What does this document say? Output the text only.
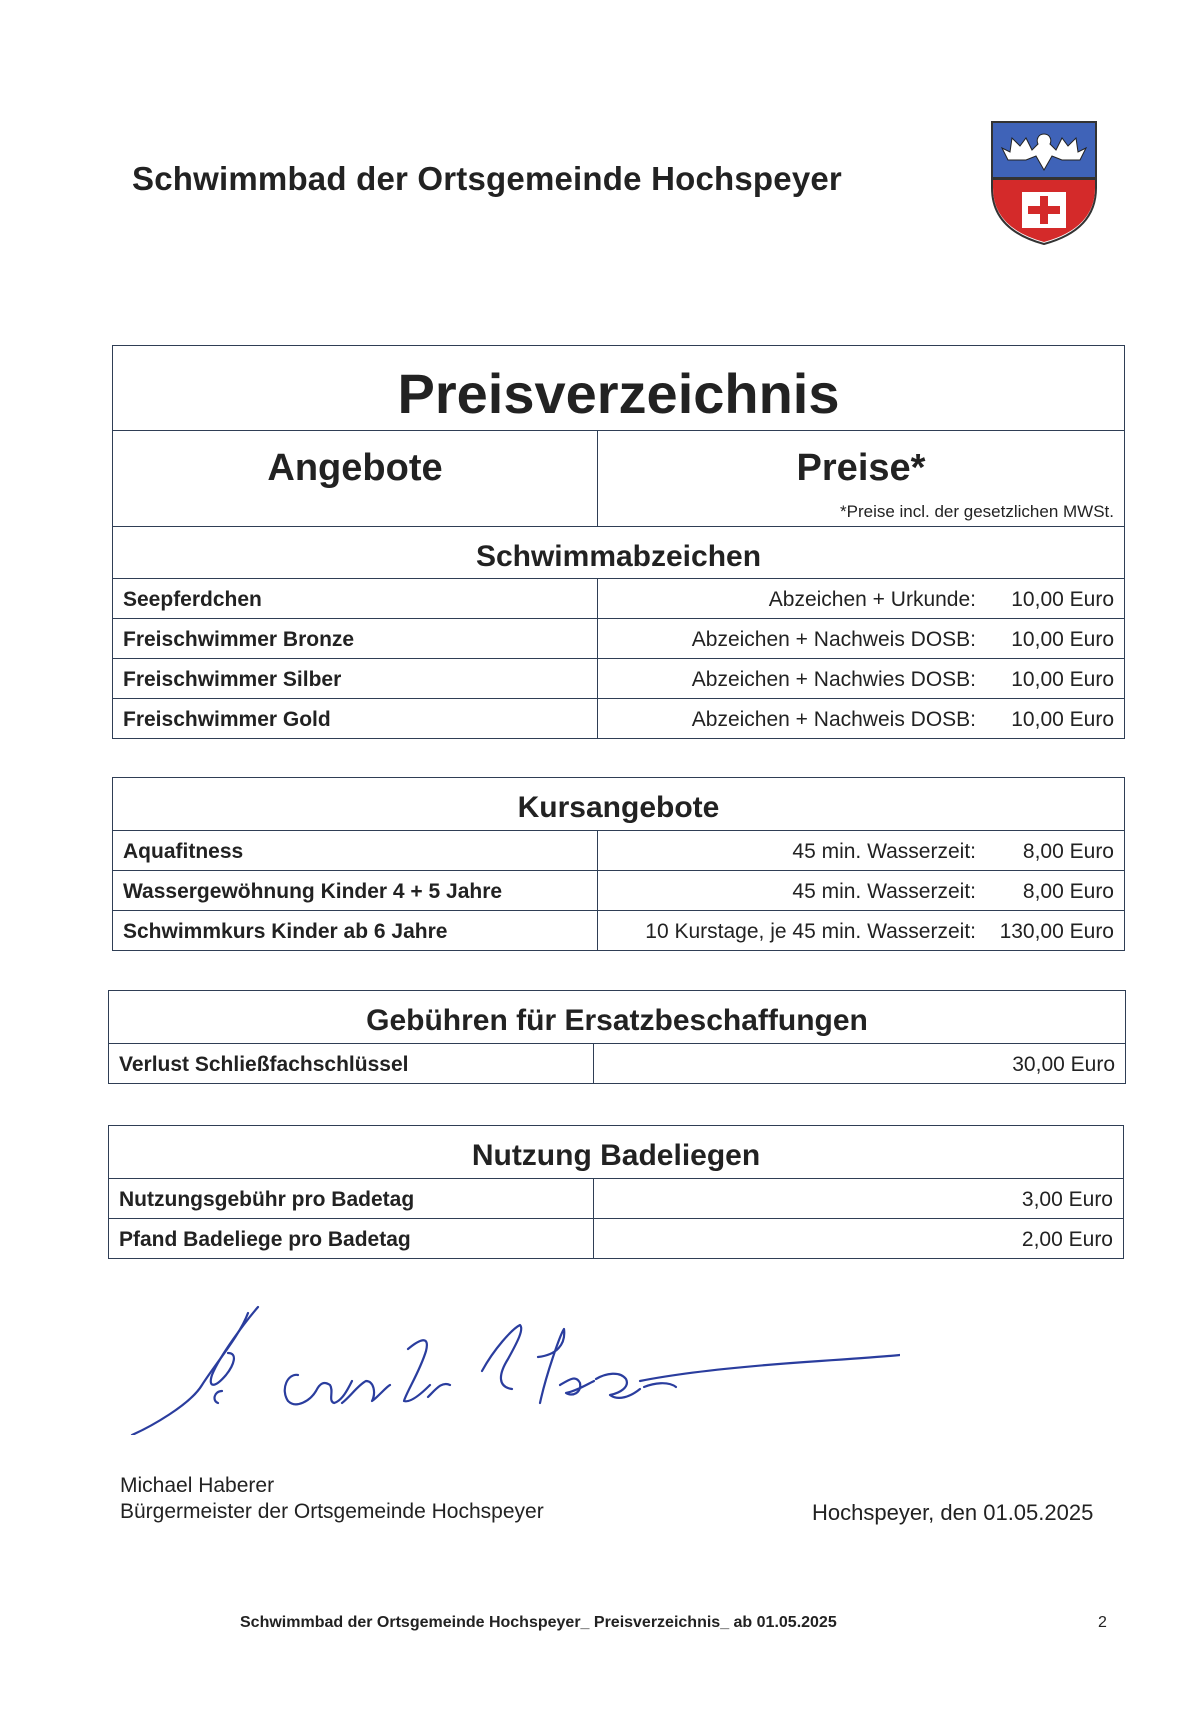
Schwimmbad der Ortsgemeinde Hochspeyer
Preisverzeichnis
Angebote	Preise*
*Preise incl. der gesetzlichen MWSt.
Schwimmabzeichen
Seepferdchen	Abzeichen + Urkunde: 10,00 Euro
Freischwimmer Bronze	Abzeichen + Nachweis DOSB: 10,00 Euro
Freischwimmer Silber	Abzeichen + Nachwies DOSB: 10,00 Euro
Freischwimmer Gold	Abzeichen + Nachweis DOSB: 10,00 Euro
Kursangebote
Aquafitness	45 min. Wasserzeit: 8,00 Euro
Wassergewöhnung Kinder 4 + 5 Jahre	45 min. Wasserzeit: 8,00 Euro
Schwimmkurs Kinder ab 6 Jahre	10 Kurstage, je 45 min. Wasserzeit: 130,00 Euro
Gebühren für Ersatzbeschaffungen
Verlust Schließfachschlüssel	30,00 Euro
Nutzung Badeliegen
Nutzungsgebühr pro Badetag	3,00 Euro
Pfand Badeliege pro Badetag	2,00 Euro
Michael Haberer
Bürgermeister der Ortsgemeinde Hochspeyer	Hochspeyer, den 01.05.2025
Schwimmbad der Ortsgemeinde Hochspeyer_ Preisverzeichnis_ ab 01.05.2025	2
